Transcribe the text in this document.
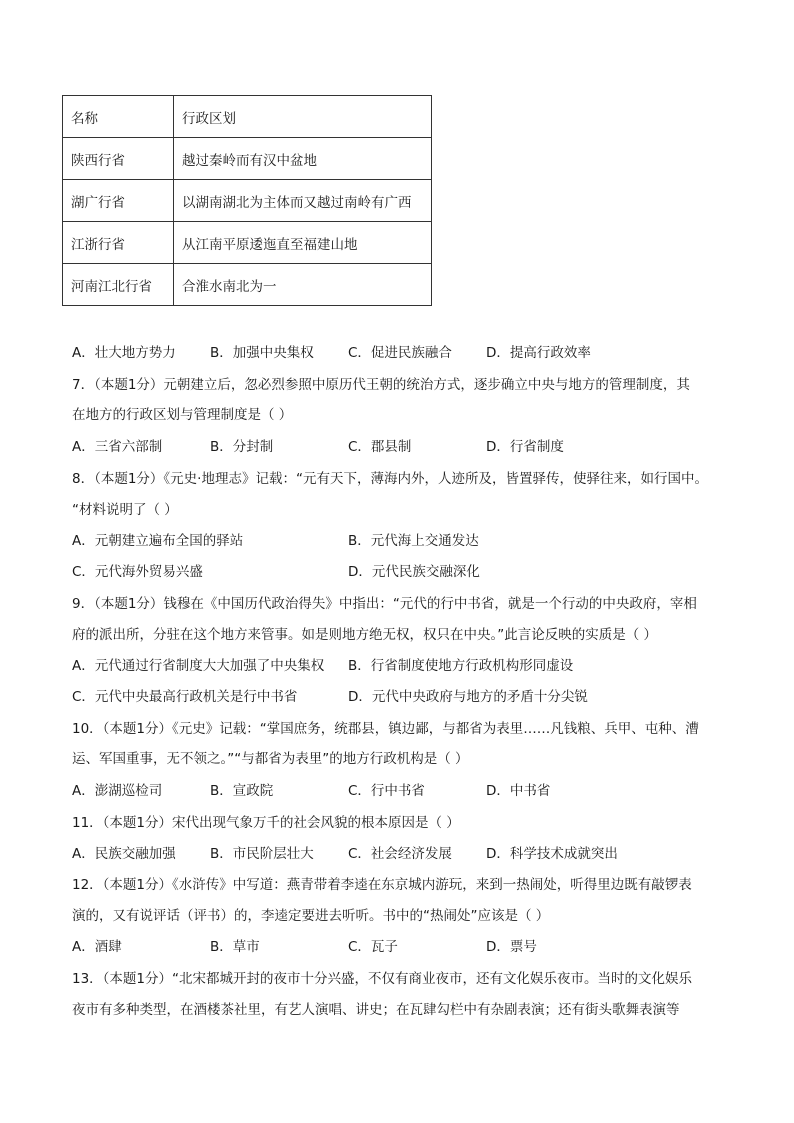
名称	行政区划
陕西行省	越过秦岭而有汉中盆地
湖广行省	以湖南湖北为主体而又越过南岭有广西
江浙行省	从江南平原逶迤直至福建山地
河南江北行省	合淮水南北为一
A．壮大地方势力	B．加强中央集权	C．促进民族融合	D．提高行政效率
7．（本题1分）元朝建立后，忽必烈参照中原历代王朝的统治方式，逐步确立中央与地方的管理制度，其
在地方的行政区划与管理制度是（ ）
A．三省六部制	B．分封制	C．郡县制	D．行省制度
8．（本题1分）《元史·地理志》记载：“元有天下，薄海内外，人迹所及，皆置驿传，使驿往来，如行国中。
“材料说明了（ ）
A．元朝建立遍布全国的驿站	B．元代海上交通发达
C．元代海外贸易兴盛	D．元代民族交融深化
9．（本题1分）钱穆在《中国历代政治得失》中指出：“元代的行中书省，就是一个行动的中央政府，宰相
府的派出所，分驻在这个地方来管事。如是则地方绝无权，权只在中央。”此言论反映的实质是（ ）
A．元代通过行省制度大大加强了中央集权 B．行省制度使地方行政机构形同虚设
C．元代中央最高行政机关是行中书省	D．元代中央政府与地方的矛盾十分尖锐
10．（本题1分）《元史》记载：“掌国庶务，统郡县，镇边鄙，与都省为表里……凡钱粮、兵甲、屯种、漕
运、军国重事，无不领之。”“与都省为表里”的地方行政机构是（ ）
A．澎湖巡检司	B．宣政院	C．行中书省	D．中书省
11．（本题1分）宋代出现气象万千的社会风貌的根本原因是（ ）
A．民族交融加强	B．市民阶层壮大	C．社会经济发展	D．科学技术成就突出
12．（本题1分）《水浒传》中写道：燕青带着李逵在东京城内游玩，来到一热闹处，听得里边既有敲锣表
演的，又有说评话（评书）的，李逵定要进去听听。书中的“热闹处”应该是（ ）
A．酒肆	B．草市	C．瓦子	D．票号
13．（本题1分）“北宋都城开封的夜市十分兴盛，不仅有商业夜市，还有文化娱乐夜市。当时的文化娱乐
夜市有多种类型，在酒楼茶社里，有艺人演唱、讲史；在瓦肆勾栏中有杂剧表演；还有街头歌舞表演等
